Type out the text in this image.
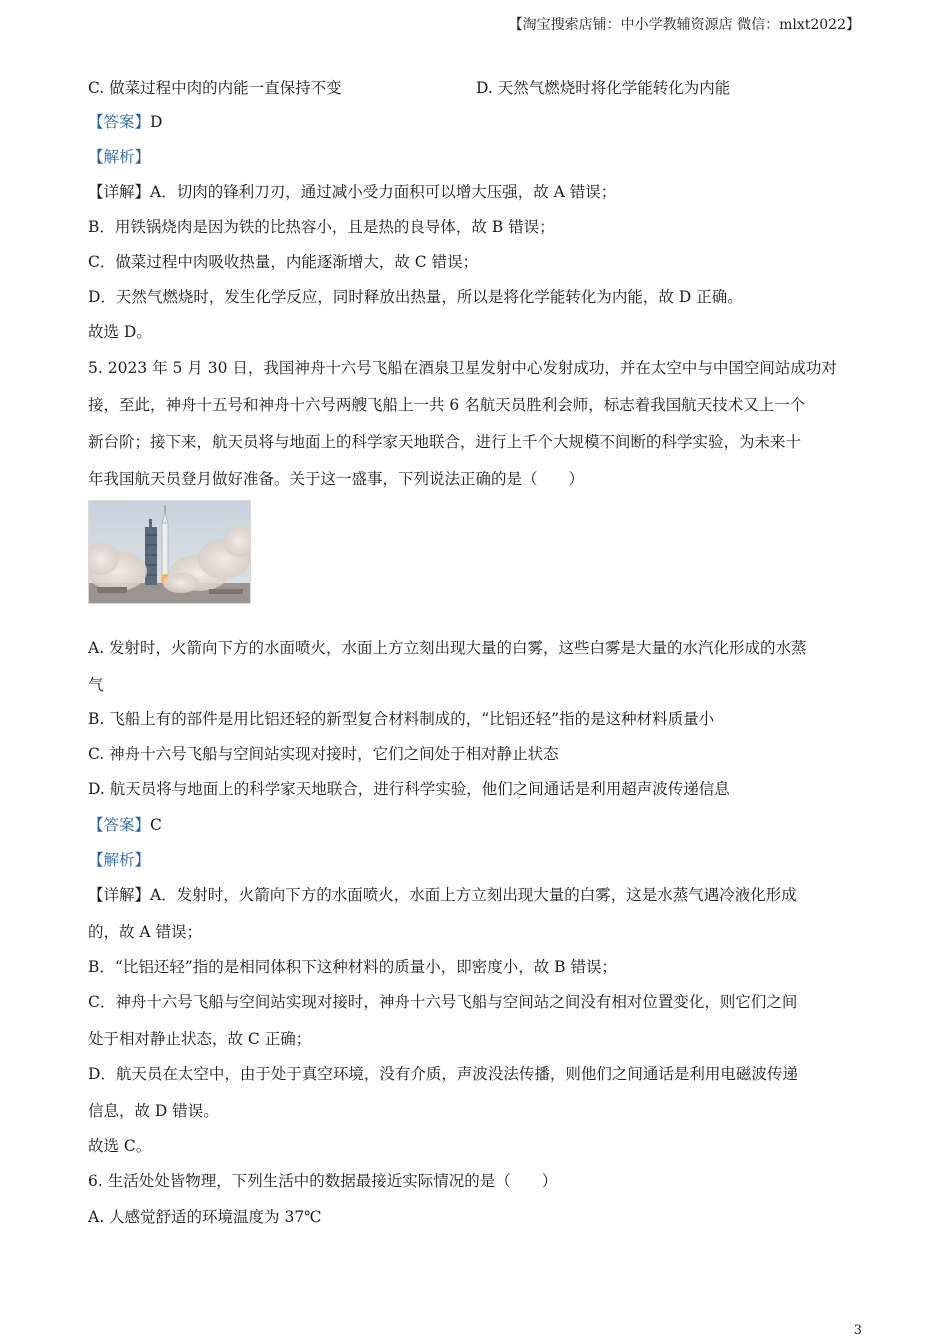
【淘宝搜索店铺：中小学教辅资源店 微信：mlxt2022】
C. 做菜过程中肉的内能一直保持不变	D. 天然气燃烧时将化学能转化为内能
【答案】D
【解析】
【详解】A．切肉的锋利刀刃，通过减小受力面积可以增大压强，故 A 错误；
B．用铁锅烧肉是因为铁的比热容小，且是热的良导体，故 B 错误；
C．做菜过程中肉吸收热量，内能逐渐增大，故 C 错误；
D．天然气燃烧时，发生化学反应，同时释放出热量，所以是将化学能转化为内能，故 D 正确。
故选 D。
5. 2023 年 5 月 30 日，我国神舟十六号飞船在酒泉卫星发射中心发射成功，并在太空中与中国空间站成功对
接，至此，神舟十五号和神舟十六号两艘飞船上一共 6 名航天员胜利会师，标志着我国航天技术又上一个
新台阶；接下来，航天员将与地面上的科学家天地联合，进行上千个大规模不间断的科学实验，为未来十
年我国航天员登月做好准备。关于这一盛事，下列说法正确的是（　　）
A. 发射时，火箭向下方的水面喷火，水面上方立刻出现大量的白雾，这些白雾是大量的水汽化形成的水蒸
气
B. 飞船上有的部件是用比铝还轻的新型复合材料制成的，“比铝还轻”指的是这种材料质量小
C. 神舟十六号飞船与空间站实现对接时，它们之间处于相对静止状态
D. 航天员将与地面上的科学家天地联合，进行科学实验，他们之间通话是利用超声波传递信息
【答案】C
【解析】
【详解】A．发射时，火箭向下方的水面喷火，水面上方立刻出现大量的白雾，这是水蒸气遇冷液化形成
的，故 A 错误；
B．“比铝还轻”指的是相同体积下这种材料的质量小，即密度小，故 B 错误；
C．神舟十六号飞船与空间站实现对接时，神舟十六号飞船与空间站之间没有相对位置变化，则它们之间
处于相对静止状态，故 C 正确；
D．航天员在太空中，由于处于真空环境，没有介质，声波没法传播，则他们之间通话是利用电磁波传递
信息，故 D 错误。
故选 C。
6. 生活处处皆物理，下列生活中的数据最接近实际情况的是（　　）
A. 人感觉舒适的环境温度为 37℃
3
